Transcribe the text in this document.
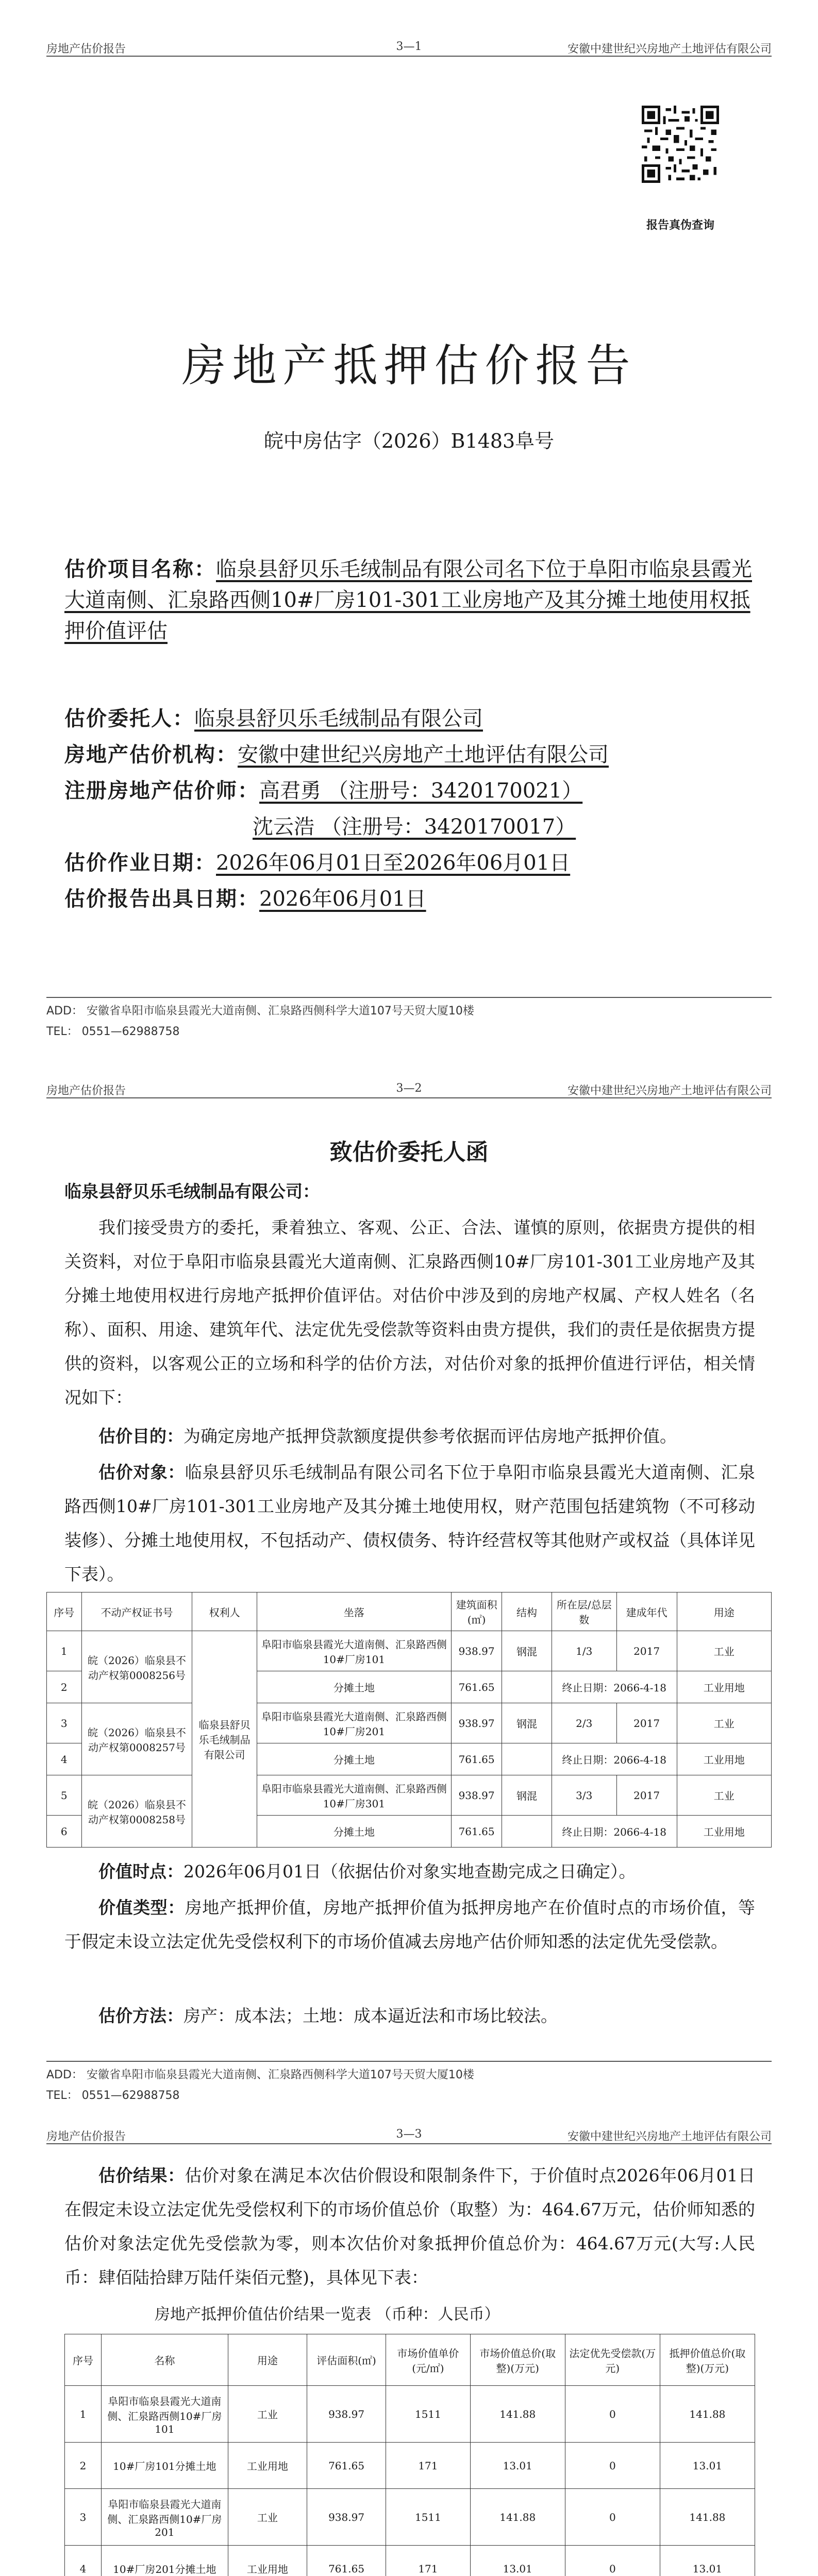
房地产估价报告	3—1	安徽中建世纪兴房地产土地评估有限公司
报告真伪查询
房地产抵押估价报告
皖中房估字（2026）B1483阜号
估价项目名称：临泉县舒贝乐毛绒制品有限公司名下位于阜阳市临泉县霞光大道南侧、汇泉路西侧10#厂房101-301工业房地产及其分摊土地使用权抵押价值评估
估价委托人：临泉县舒贝乐毛绒制品有限公司
房地产估价机构：安徽中建世纪兴房地产土地评估有限公司
注册房地产估价师：高君勇 （注册号：3420170021）
沈云浩 （注册号：3420170017）
估价作业日期：2026年06月01日至2026年06月01日
估价报告出具日期：2026年06月01日
ADD： 安徽省阜阳市临泉县霞光大道南侧、汇泉路西侧科学大道107号天贸大厦10楼
TEL： 0551—62988758
房地产估价报告	3—2	安徽中建世纪兴房地产土地评估有限公司
致估价委托人函
临泉县舒贝乐毛绒制品有限公司：
我们接受贵方的委托，秉着独立、客观、公正、合法、谨慎的原则，依据贵方提供的相关资料，对位于阜阳市临泉县霞光大道南侧、汇泉路西侧10#厂房101-301工业房地产及其分摊土地使用权进行房地产抵押价值评估。对估价中涉及到的房地产权属、产权人姓名（名称）、面积、用途、建筑年代、法定优先受偿款等资料由贵方提供，我们的责任是依据贵方提供的资料，以客观公正的立场和科学的估价方法，对估价对象的抵押价值进行评估，相关情况如下：
估价目的：为确定房地产抵押贷款额度提供参考依据而评估房地产抵押价值。
估价对象：临泉县舒贝乐毛绒制品有限公司名下位于阜阳市临泉县霞光大道南侧、汇泉路西侧10#厂房101-301工业房地产及其分摊土地使用权，财产范围包括建筑物（不可移动装修）、分摊土地使用权，不包括动产、债权债务、特许经营权等其他财产或权益（具体详见下表）。
序号	不动产权证书号	权利人	坐落	建筑面积(㎡)	结构	所在层/总层数	建成年代	用途
1	皖（2026）临泉县不动产权第0008256号	临泉县舒贝乐毛绒制品有限公司	阜阳市临泉县霞光大道南侧、汇泉路西侧10#厂房101	938.97	钢混	1/3	2017	工业
2			分摊土地	761.65		终止日期：2066-4-18		工业用地
3	皖（2026）临泉县不动产权第0008257号		阜阳市临泉县霞光大道南侧、汇泉路西侧10#厂房201	938.97	钢混	2/3	2017	工业
4			分摊土地	761.65		终止日期：2066-4-18		工业用地
5	皖（2026）临泉县不动产权第0008258号		阜阳市临泉县霞光大道南侧、汇泉路西侧10#厂房301	938.97	钢混	3/3	2017	工业
6			分摊土地	761.65		终止日期：2066-4-18		工业用地
价值时点：2026年06月01日（依据估价对象实地查勘完成之日确定）。
价值类型：房地产抵押价值，房地产抵押价值为抵押房地产在价值时点的市场价值，等于假定未设立法定优先受偿权利下的市场价值减去房地产估价师知悉的法定优先受偿款。
估价方法：房产：成本法；土地：成本逼近法和市场比较法。
ADD： 安徽省阜阳市临泉县霞光大道南侧、汇泉路西侧科学大道107号天贸大厦10楼
TEL： 0551—62988758
房地产估价报告	3—3	安徽中建世纪兴房地产土地评估有限公司
估价结果：估价对象在满足本次估价假设和限制条件下，于价值时点2026年06月01日在假定未设立法定优先受偿权利下的市场价值总价（取整）为：464.67万元，估价师知悉的估价对象法定优先受偿款为零，则本次估价对象抵押价值总价为：464.67万元(大写:人民币：肆佰陆拾肆万陆仟柒佰元整)，具体见下表：
房地产抵押价值估价结果一览表 （币种：人民币）
序号	名称	用途	评估面积(㎡)	市场价值单价(元/㎡)	市场价值总价(取整)(万元)	法定优先受偿款(万元)	抵押价值总价(取整)(万元)
1	阜阳市临泉县霞光大道南侧、汇泉路西侧10#厂房101	工业	938.97	1511	141.88	0	141.88
2	10#厂房101分摊土地	工业用地	761.65	171	13.01	0	13.01
3	阜阳市临泉县霞光大道南侧、汇泉路西侧10#厂房201	工业	938.97	1511	141.88	0	141.88
4	10#厂房201分摊土地	工业用地	761.65	171	13.01	0	13.01
